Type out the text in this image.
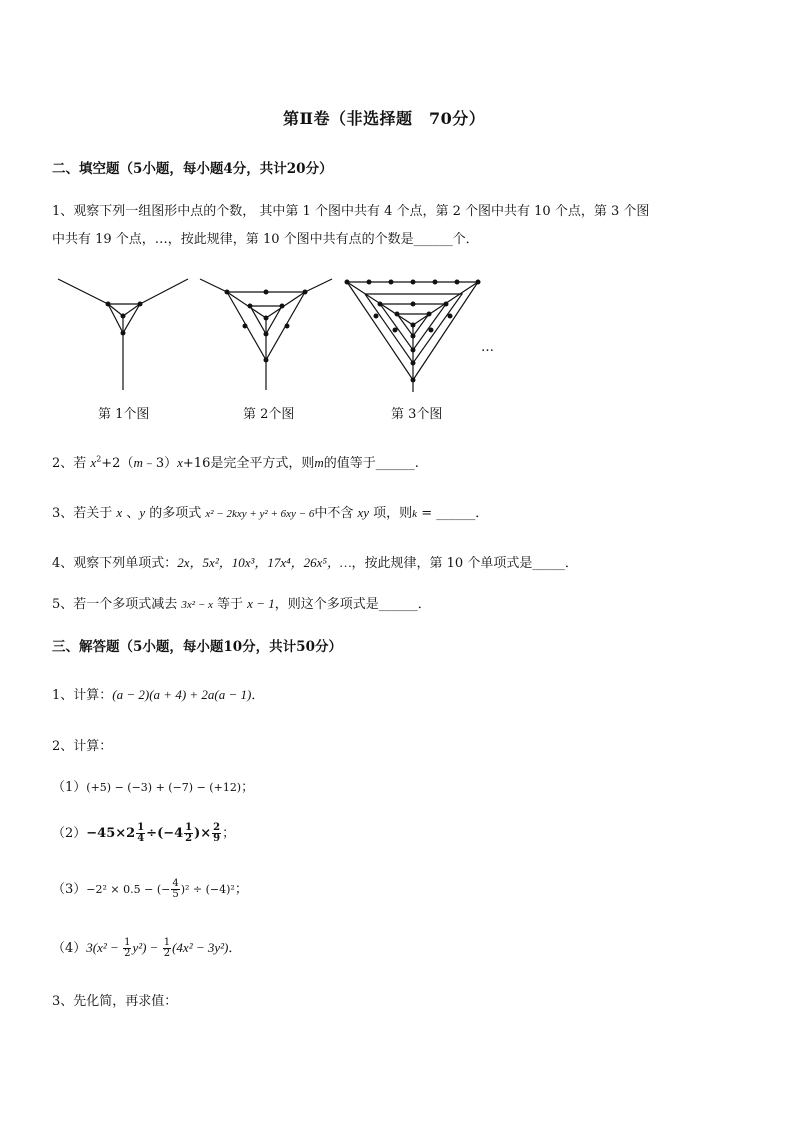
第Ⅱ卷（非选择题　70分）
二、填空题（5小题，每小题4分，共计20分）
1、观察下列一组图形中点的个数， 其中第 1 个图中共有 4 个点，第 2 个图中共有 10 个点，第 3 个图
中共有 19 个点，…，按此规律，第 10 个图中共有点的个数是______个．
…
第 1个图	第 2个图	第 3个图
2、若 $x^2+2(m﹣3)x+16$是完全平方式，则m的值等于______.
3、若关于 x 、y 的多项式 x² − 2kxy + y² + 6xy − 6中不含 xy 项，则k = ______．
4、观察下列单项式：2x，5x²，10x³，17x⁴，26x⁵，…，按此规律，第 10 个单项式是_____．
5、若一个多项式减去 3x² − x 等于 x − 1，则这个多项式是______．
三、解答题（5小题，每小题10分，共计50分）
1、计算：(a − 2)(a + 4) + 2a(a − 1)．
2、计算：
（1）(+5) − (−3) + (−7) − (+12)；
$(2)-45\times 2 \frac{1}{4} \div(-4 \frac{1}{2}$ )× $\frac{2}{9}$ ；
（3）−2² × 0.5 − (− $\frac{4}{5} )^2 \div (-4)^2$；
$(4)3(x^2 - \frac{1}{2} y^2) - \frac{1}{2} (4x^2 - 3y^2)$．
3、先化简，再求值：
